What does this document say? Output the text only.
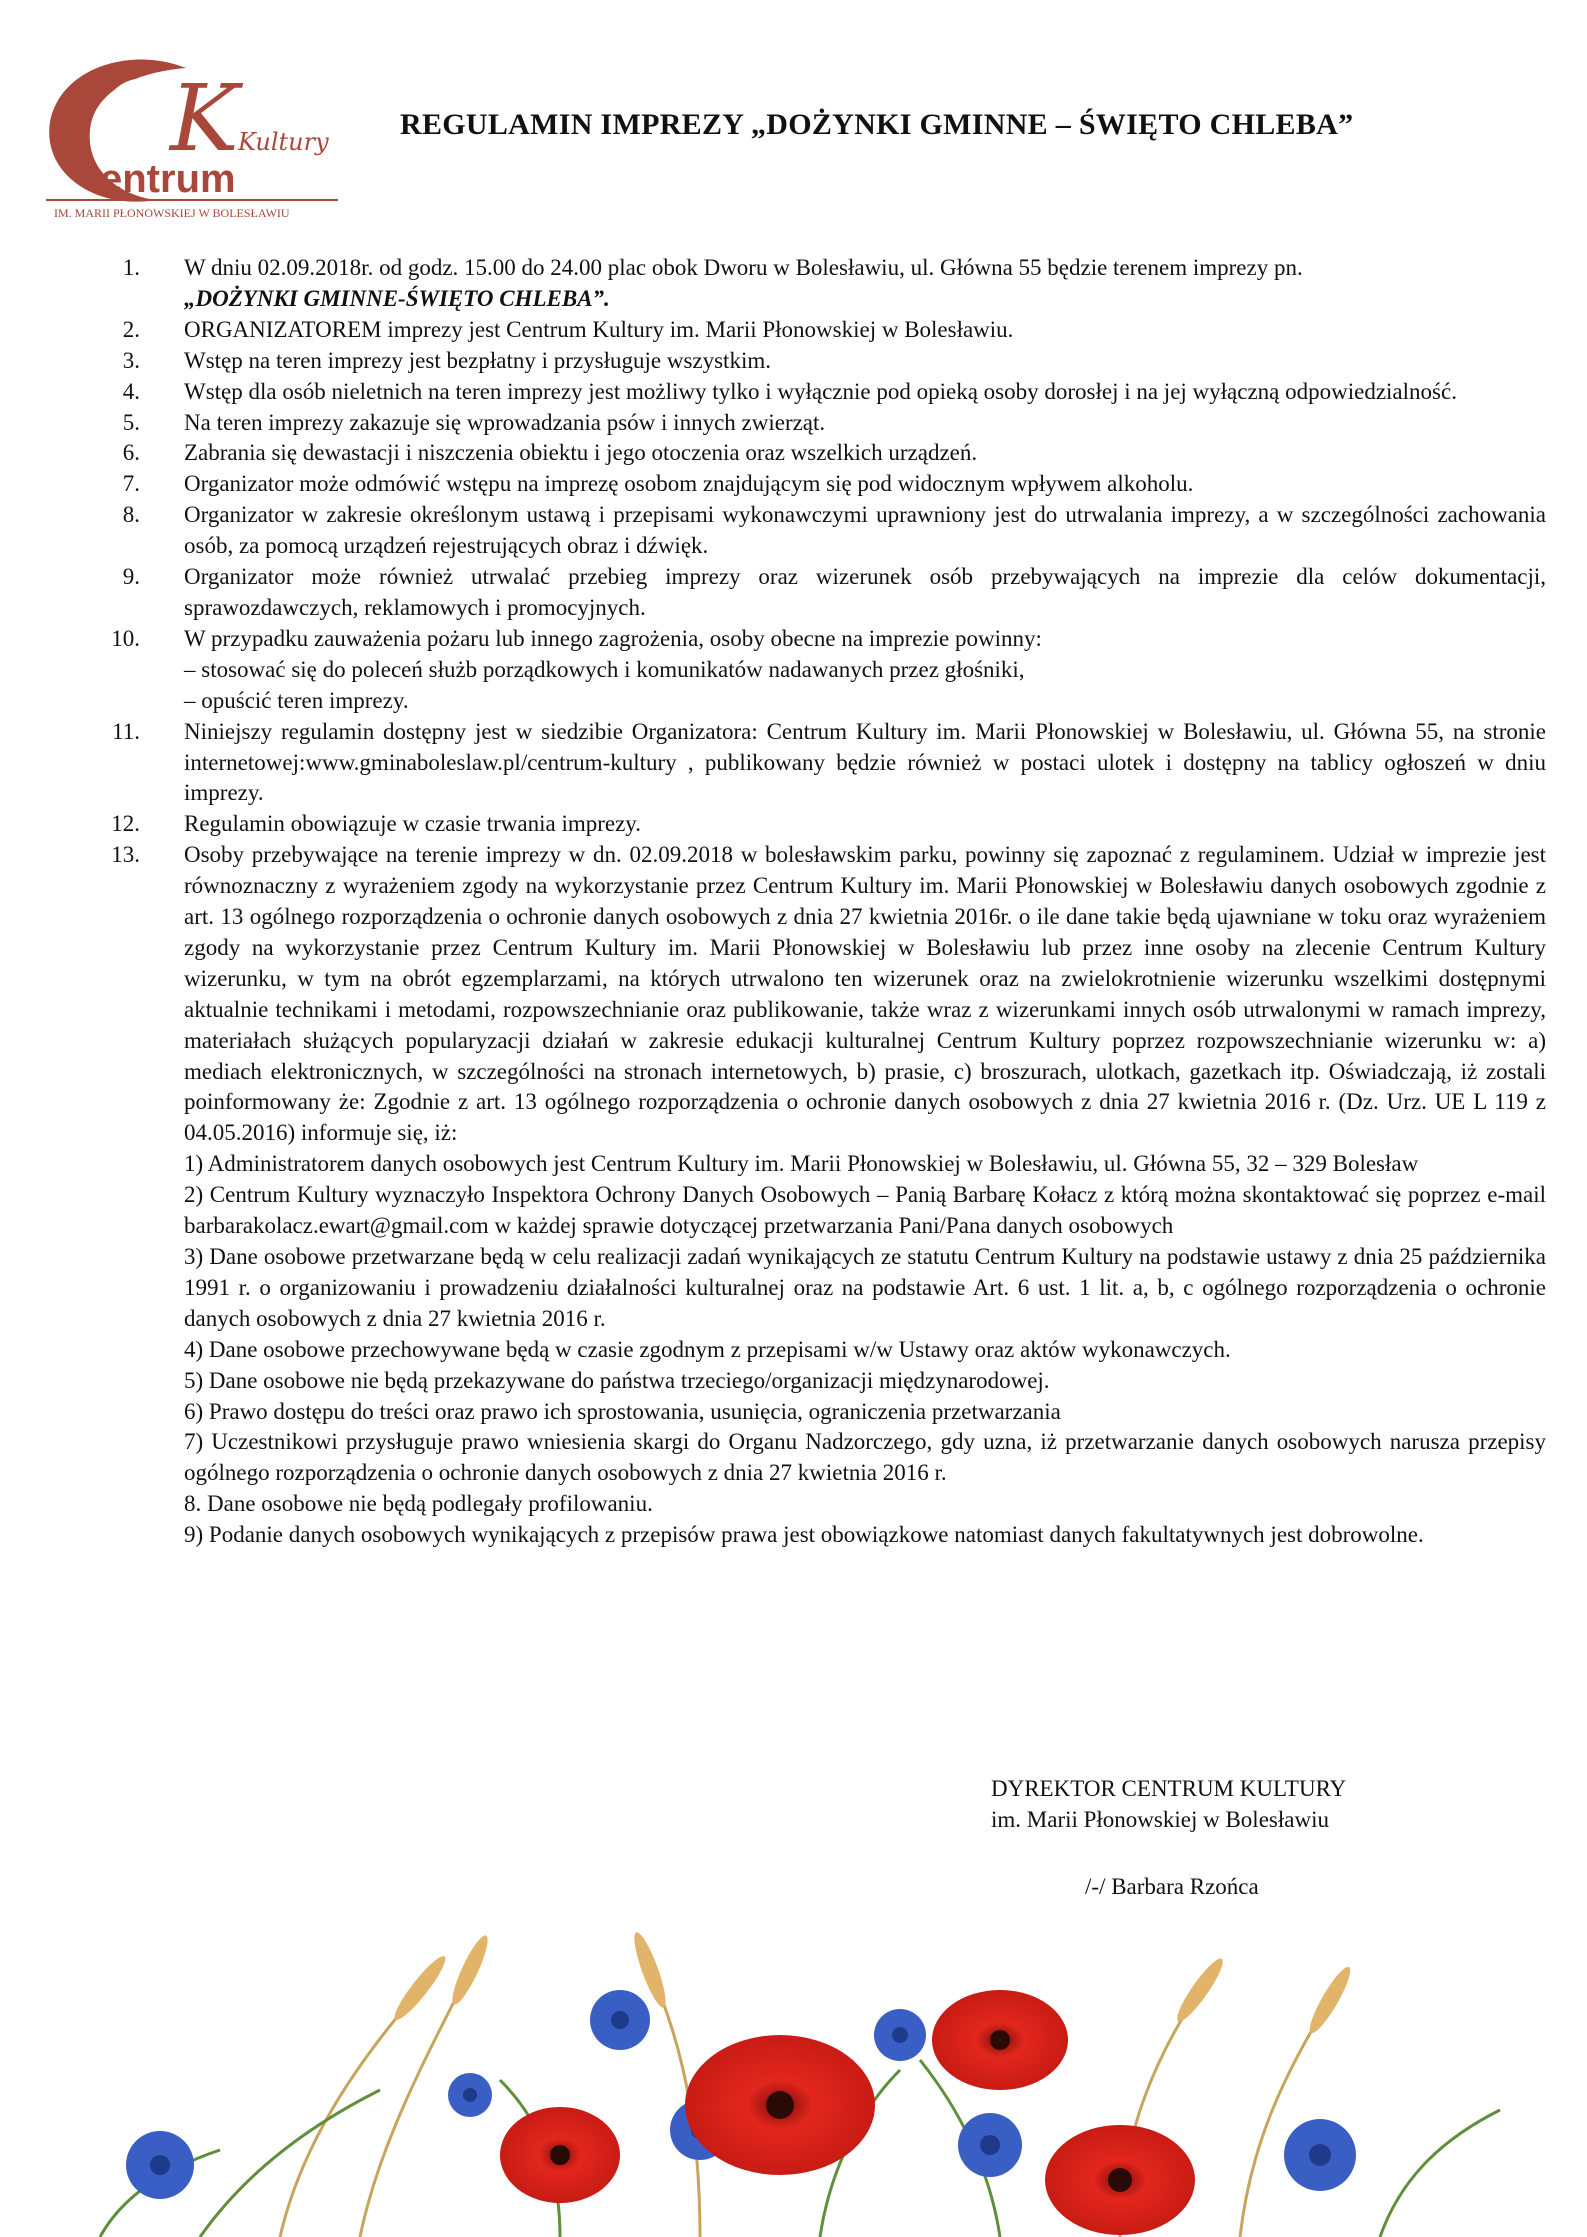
C K Kultury
entrum
IM. MARII PŁONOWSKIEJ W BOLESŁAWIU
REGULAMIN IMPREZY „DOŻYNKI GMINNE – ŚWIĘTO CHLEBA”
1. W dniu 02.09.2018r. od godz. 15.00 do 24.00 plac obok Dworu w Bolesławiu, ul. Główna 55 będzie terenem imprezy pn.
„DOŻYNKI GMINNE-ŚWIĘTO CHLEBA”.
2. ORGANIZATOREM imprezy jest Centrum Kultury im. Marii Płonowskiej w Bolesławiu.
3. Wstęp na teren imprezy jest bezpłatny i przysługuje wszystkim.
4. Wstęp dla osób nieletnich na teren imprezy jest możliwy tylko i wyłącznie pod opieką osoby dorosłej i na jej wyłączną odpowiedzialność.
5. Na teren imprezy zakazuje się wprowadzania psów i innych zwierząt.
6. Zabrania się dewastacji i niszczenia obiektu i jego otoczenia oraz wszelkich urządzeń.
7. Organizator może odmówić wstępu na imprezę osobom znajdującym się pod widocznym wpływem alkoholu.
8. Organizator w zakresie określonym ustawą i przepisami wykonawczymi uprawniony jest do utrwalania imprezy, a w szczególności zachowania osób, za pomocą urządzeń rejestrujących obraz i dźwięk.
9. Organizator może również utrwalać przebieg imprezy oraz wizerunek osób przebywających na imprezie dla celów dokumentacji, sprawozdawczych, reklamowych i promocyjnych.
10. W przypadku zauważenia pożaru lub innego zagrożenia, osoby obecne na imprezie powinny:
– stosować się do poleceń służb porządkowych i komunikatów nadawanych przez głośniki,
– opuścić teren imprezy.
11. Niniejszy regulamin dostępny jest w siedzibie Organizatora: Centrum Kultury im. Marii Płonowskiej w Bolesławiu, ul. Główna 55, na stronie internetowej:www.gminaboleslaw.pl/centrum-kultury , publikowany będzie również w postaci ulotek i dostępny na tablicy ogłoszeń w dniu imprezy.
12. Regulamin obowiązuje w czasie trwania imprezy.
13. Osoby przebywające na terenie imprezy w dn. 02.09.2018 w bolesławskim parku, powinny się zapoznać z regulaminem. Udział w imprezie jest równoznaczny z wyrażeniem zgody na wykorzystanie przez Centrum Kultury im. Marii Płonowskiej w Bolesławiu danych osobowych zgodnie z art. 13 ogólnego rozporządzenia o ochronie danych osobowych z dnia 27 kwietnia 2016r. o ile dane takie będą ujawniane w toku oraz wyrażeniem zgody na wykorzystanie przez Centrum Kultury im. Marii Płonowskiej w Bolesławiu lub przez inne osoby na zlecenie Centrum Kultury wizerunku, w tym na obrót egzemplarzami, na których utrwalono ten wizerunek oraz na zwielokrotnienie wizerunku wszelkimi dostępnymi aktualnie technikami i metodami, rozpowszechnianie oraz publikowanie, także wraz z wizerunkami innych osób utrwalonymi w ramach imprezy, materiałach służących popularyzacji działań w zakresie edukacji kulturalnej Centrum Kultury poprzez rozpowszechnianie wizerunku w: a) mediach elektronicznych, w szczególności na stronach internetowych, b) prasie, c) broszurach, ulotkach, gazetkach itp. Oświadczają, iż zostali poinformowany że: Zgodnie z art. 13 ogólnego rozporządzenia o ochronie danych osobowych z dnia 27 kwietnia 2016 r. (Dz. Urz. UE L 119 z 04.05.2016) informuje się, iż:
1) Administratorem danych osobowych jest Centrum Kultury im. Marii Płonowskiej w Bolesławiu, ul. Główna 55, 32 – 329 Bolesław
2) Centrum Kultury wyznaczyło Inspektora Ochrony Danych Osobowych – Panią Barbarę Kołacz z którą można skontaktować się poprzez e-mail barbarakolacz.ewart@gmail.com w każdej sprawie dotyczącej przetwarzania Pani/Pana danych osobowych
3) Dane osobowe przetwarzane będą w celu realizacji zadań wynikających ze statutu Centrum Kultury na podstawie ustawy z dnia 25 października 1991 r. o organizowaniu i prowadzeniu działalności kulturalnej oraz na podstawie Art. 6 ust. 1 lit. a, b, c ogólnego rozporządzenia o ochronie danych osobowych z dnia 27 kwietnia 2016 r.
4) Dane osobowe przechowywane będą w czasie zgodnym z przepisami w/w Ustawy oraz aktów wykonawczych.
5) Dane osobowe nie będą przekazywane do państwa trzeciego/organizacji międzynarodowej.
6) Prawo dostępu do treści oraz prawo ich sprostowania, usunięcia, ograniczenia przetwarzania
7) Uczestnikowi przysługuje prawo wniesienia skargi do Organu Nadzorczego, gdy uzna, iż przetwarzanie danych osobowych narusza przepisy ogólnego rozporządzenia o ochronie danych osobowych z dnia 27 kwietnia 2016 r.
8. Dane osobowe nie będą podlegały profilowaniu.
9) Podanie danych osobowych wynikających z przepisów prawa jest obowiązkowe natomiast danych fakultatywnych jest dobrowolne.
DYREKTOR CENTRUM KULTURY
im. Marii Płonowskiej w Bolesławiu
/-/ Barbara Rzońca
